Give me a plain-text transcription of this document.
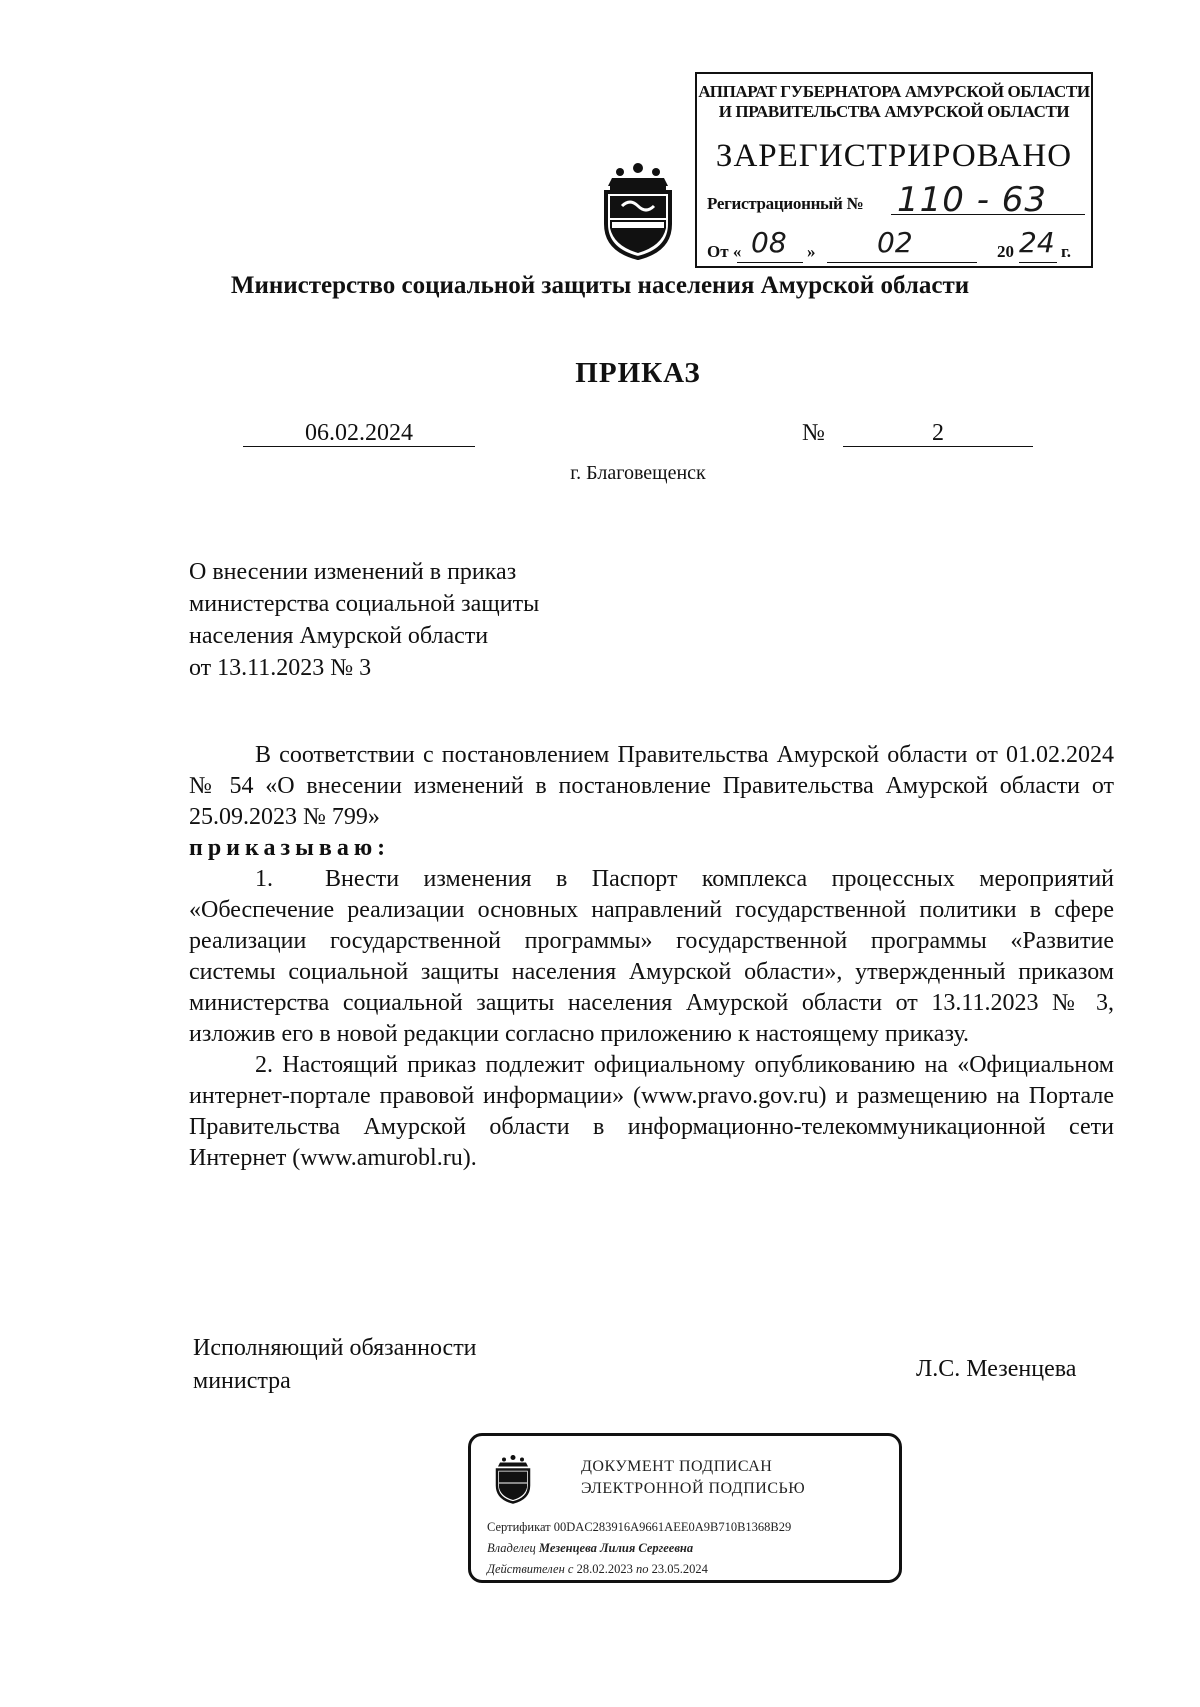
АППАРАТ ГУБЕРНАТОРА АМУРСКОЙ ОБЛАСТИ
И ПРАВИТЕЛЬСТВА АМУРСКОЙ ОБЛАСТИ
ЗАРЕГИСТРИРОВАНО
Регистрационный № 110 - 63
От « 08 » 02	20 24 г.
Министерство социальной защиты населения Амурской области
ПРИКАЗ
06.02.2024	№	2
г. Благовещенск
О внесении изменений в приказ
министерства социальной защиты
населения Амурской области
от 13.11.2023 № 3

В соответствии с постановлением Правительства Амурской области от 01.02.2024 № 54 «О внесении изменений в постановление Правительства Амурской области от 25.09.2023 № 799»

приказываю:

1. Внести изменения в Паспорт комплекса процессных мероприятий «Обеспечение реализации основных направлений государственной политики в сфере реализации государственной программы» государственной программы «Развитие системы социальной защиты населения Амурской области», утвержденный приказом министерства социальной защиты населения Амурской области от 13.11.2023 № 3, изложив его в новой редакции согласно приложению к настоящему приказу.

2. Настоящий приказ подлежит официальному опубликованию на «Официальном интернет-портале правовой информации» (www.pravo.gov.ru) и размещению на Портале Правительства Амурской области в информационно-телекоммуникационной сети Интернет (www.amurobl.ru).

Исполняющий обязанности
министра	Л.С. Мезенцева
ДОКУМЕНТ ПОДПИСАН
ЭЛЕКТРОННОЙ ПОДПИСЬЮ
Сертификат 00DAC283916A9661AEE0A9B710B1368B29
Владелец Мезенцева Лилия Сергеевна
Действителен с 28.02.2023 по 23.05.2024
